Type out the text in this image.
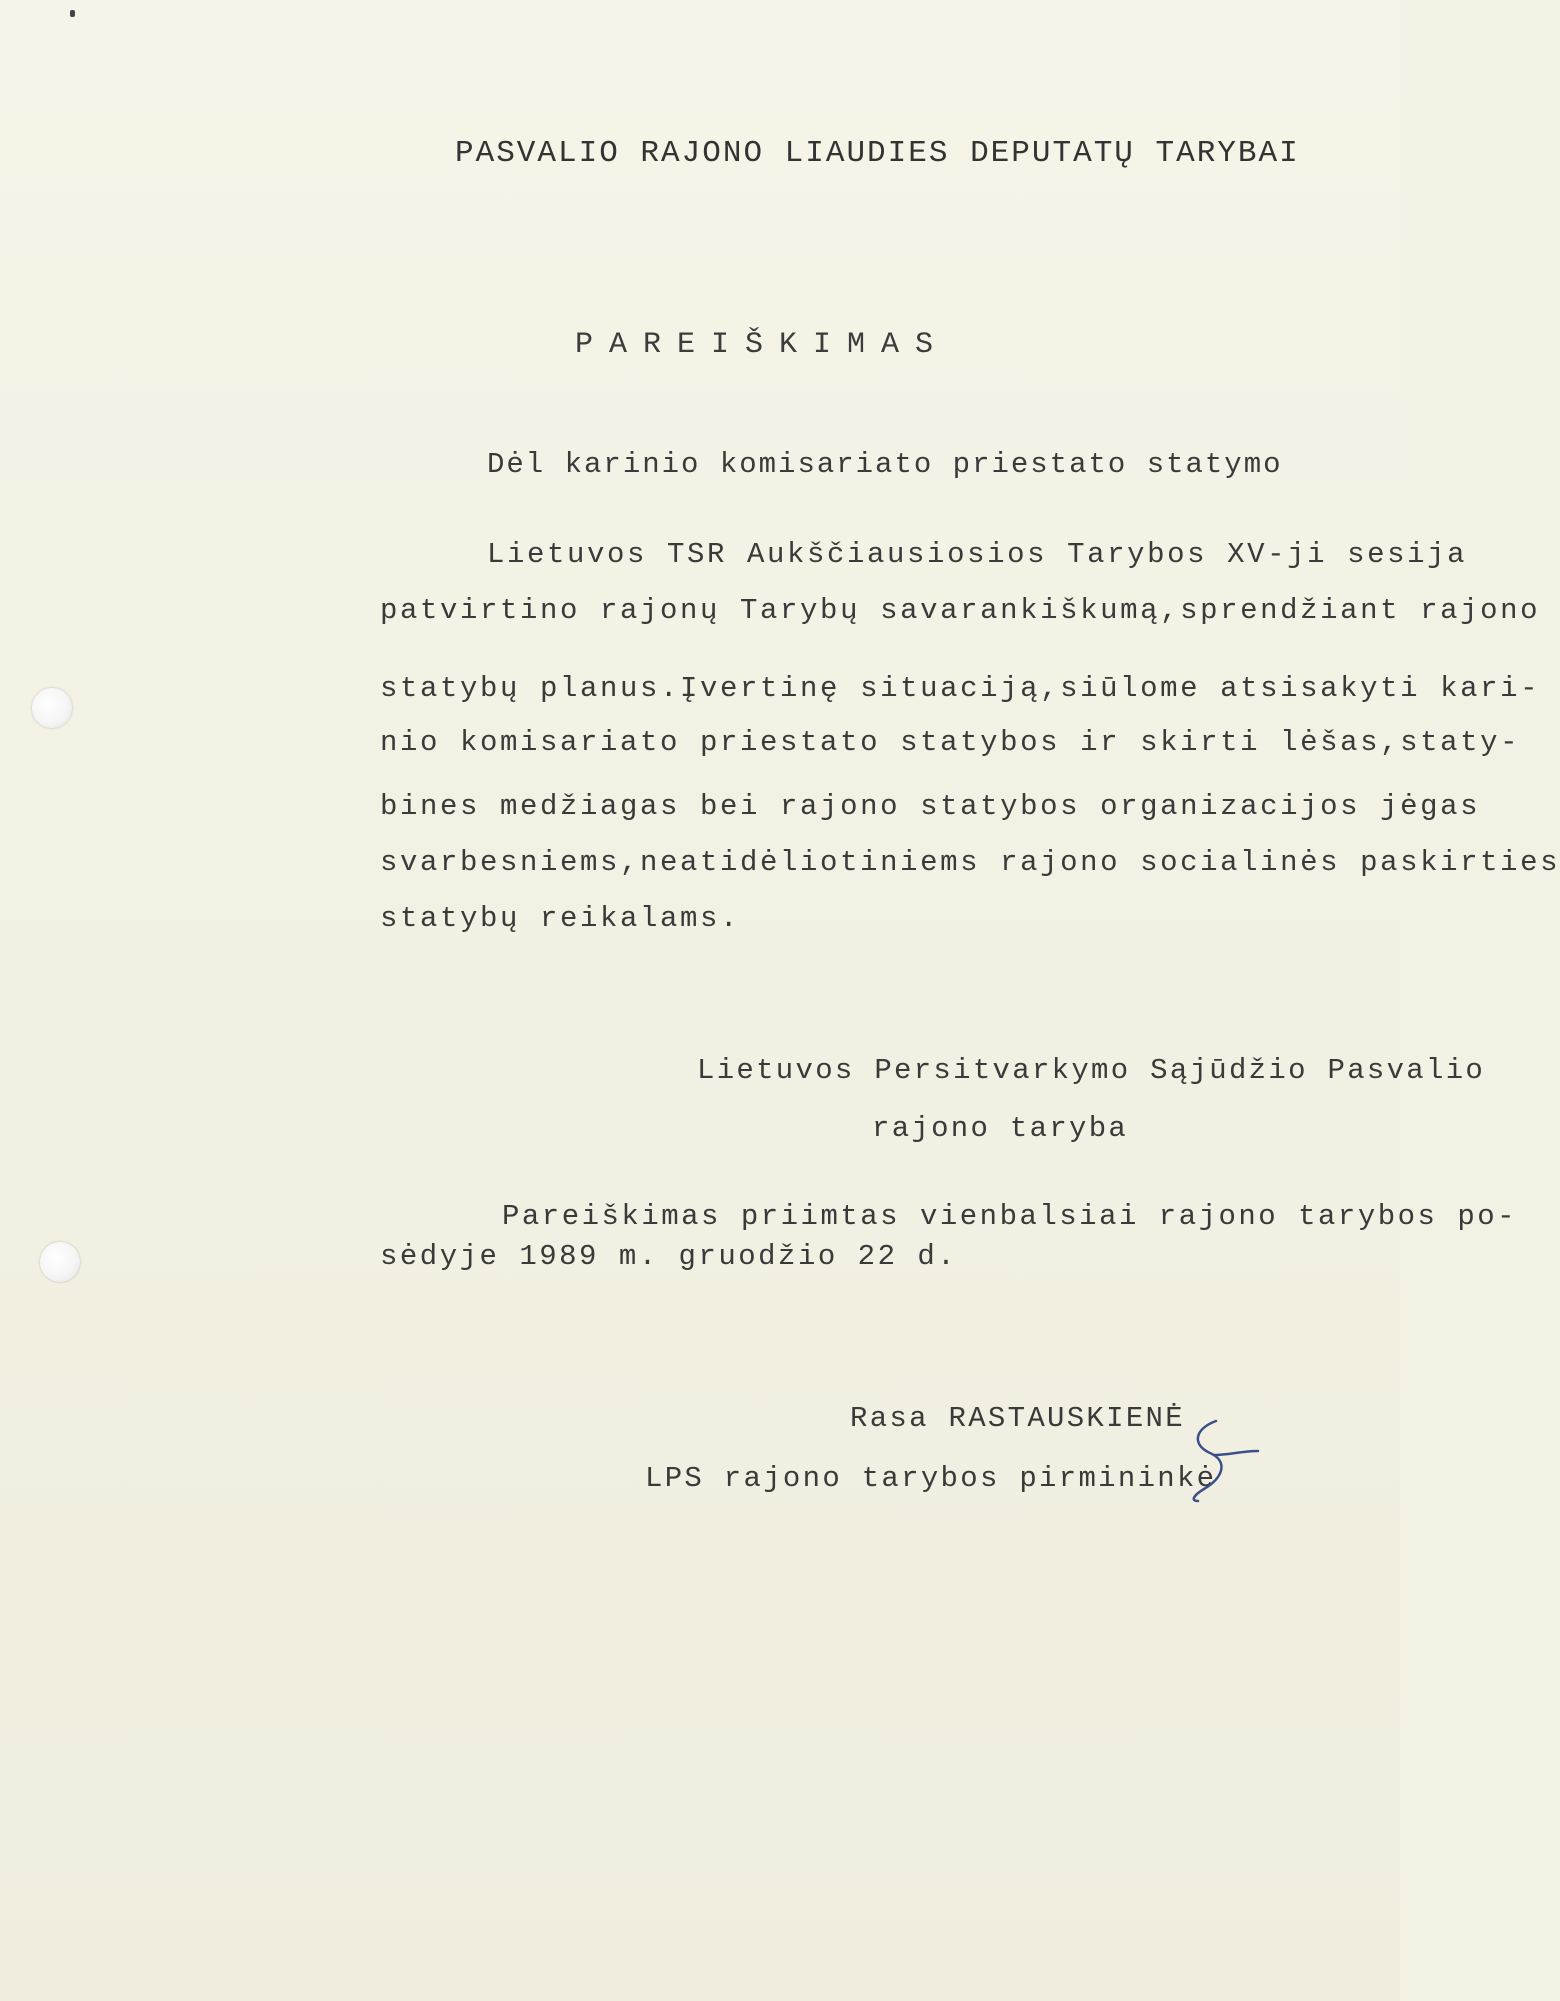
PASVALIO RAJONO LIAUDIES DEPUTATŲ TARYBAI
PAREIŠKIMAS
Dėl karinio komisariato priestato statymo
Lietuvos TSR Aukščiausiosios Tarybos XV-ji sesija
patvirtino rajonų Tarybų savarankiškumą,sprendžiant rajono
statybų planus.Įvertinę situaciją,siūlome atsisakyti kari-
nio komisariato priestato statybos ir skirti lėšas,staty-
bines medžiagas bei rajono statybos organizacijos jėgas
svarbesniems,neatidėliotiniems rajono socialinės paskirties
statybų reikalams.
Lietuvos Persitvarkymo Sąjūdžio Pasvalio
rajono taryba
Pareiškimas priimtas vienbalsiai rajono tarybos po-
sėdyje 1989 m. gruodžio 22 d.
Rasa RASTAUSKIENĖ
LPS rajono tarybos pirmininkė
